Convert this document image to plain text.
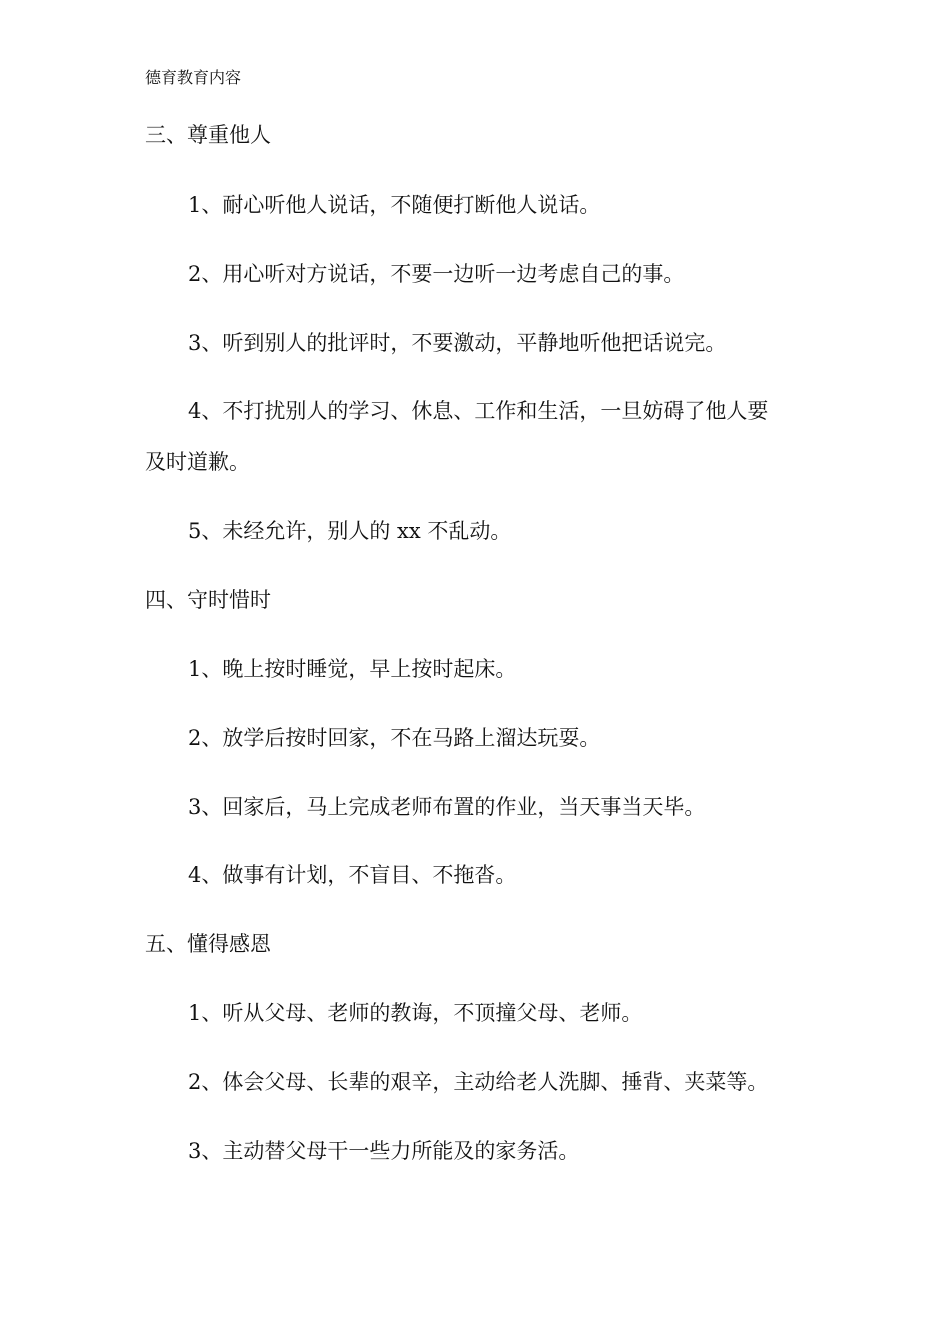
德育教育内容
三、尊重他人
1、耐心听他人说话，不随便打断他人说话。
2、用心听对方说话，不要一边听一边考虑自己的事。
3、听到别人的批评时，不要激动，平静地听他把话说完。
4、不打扰别人的学习、休息、工作和生活，一旦妨碍了他人要
及时道歉。
5、未经允许，别人的 xx 不乱动。
四、守时惜时
1、晚上按时睡觉，早上按时起床。
2、放学后按时回家，不在马路上溜达玩耍。
3、回家后，马上完成老师布置的作业，当天事当天毕。
4、做事有计划，不盲目、不拖沓。
五、懂得感恩
1、听从父母、老师的教诲，不顶撞父母、老师。
2、体会父母、长辈的艰辛，主动给老人洗脚、捶背、夹菜等。
3、主动替父母干一些力所能及的家务活。
